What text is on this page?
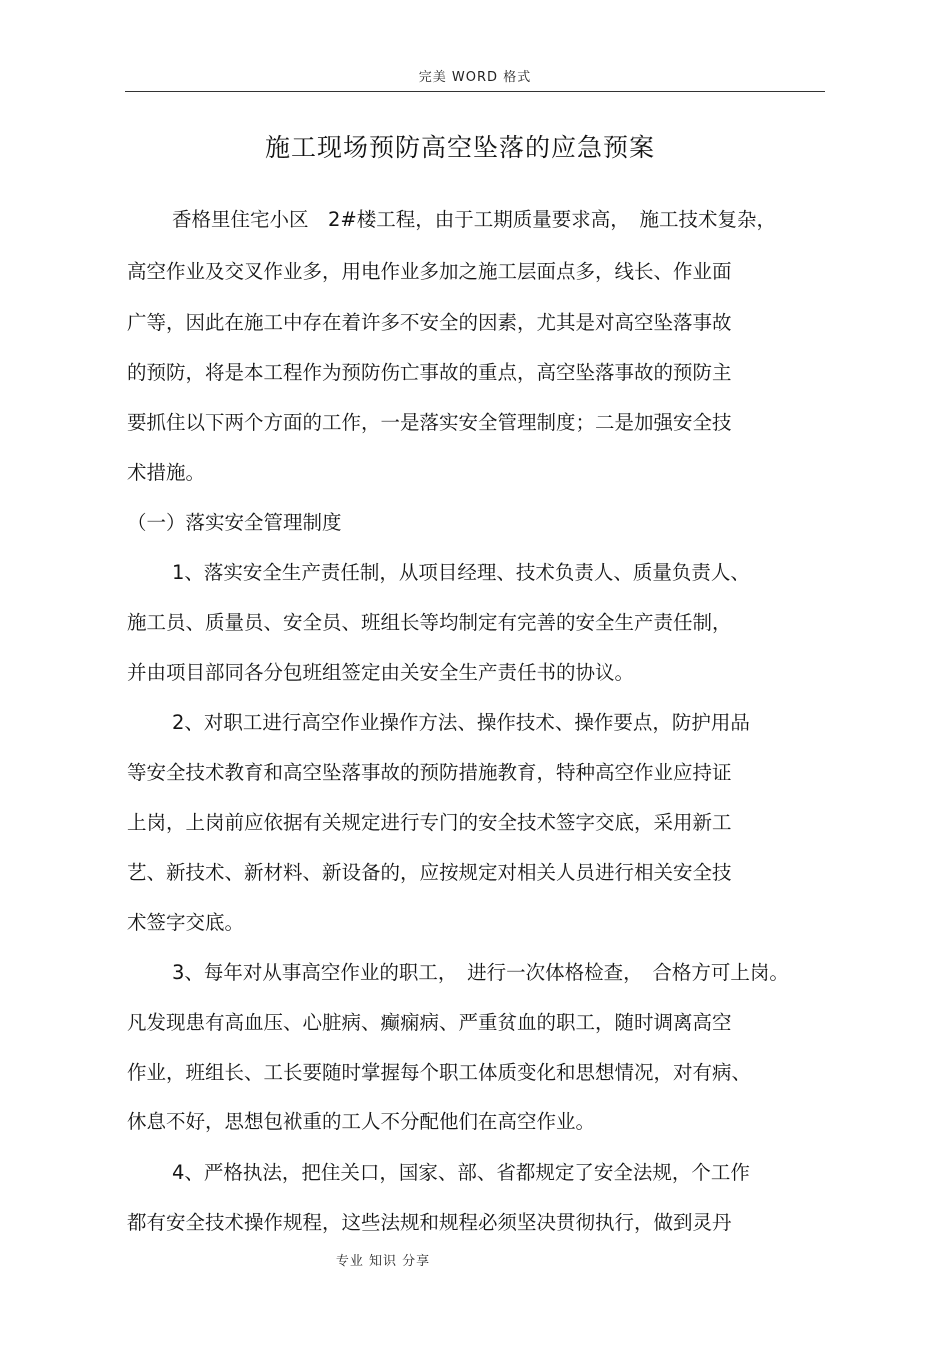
完美 WORD 格式
施工现场预防高空坠落的应急预案
香格里住宅小区　2#楼工程，由于工期质量要求高，　施工技术复杂，
高空作业及交叉作业多，用电作业多加之施工层面点多，线长、作业面
广等，因此在施工中存在着许多不安全的因素，尤其是对高空坠落事故
的预防，将是本工程作为预防伤亡事故的重点，高空坠落事故的预防主
要抓住以下两个方面的工作，一是落实安全管理制度；二是加强安全技
术措施。
（一）落实安全管理制度
1、落实安全生产责任制，从项目经理、技术负责人、质量负责人、
施工员、质量员、安全员、班组长等均制定有完善的安全生产责任制，
并由项目部同各分包班组签定由关安全生产责任书的协议。
2、对职工进行高空作业操作方法、操作技术、操作要点，防护用品
等安全技术教育和高空坠落事故的预防措施教育，特种高空作业应持证
上岗，上岗前应依据有关规定进行专门的安全技术签字交底，采用新工
艺、新技术、新材料、新设备的，应按规定对相关人员进行相关安全技
术签字交底。
3、每年对从事高空作业的职工，　进行一次体格检查，　合格方可上岗。
凡发现患有高血压、心脏病、癫痫病、严重贫血的职工，随时调离高空
作业，班组长、工长要随时掌握每个职工体质变化和思想情况，对有病、
休息不好，思想包袱重的工人不分配他们在高空作业。
4、严格执法，把住关口，国家、部、省都规定了安全法规，个工作
都有安全技术操作规程，这些法规和规程必须坚决贯彻执行，做到灵丹
专业 知识 分享
